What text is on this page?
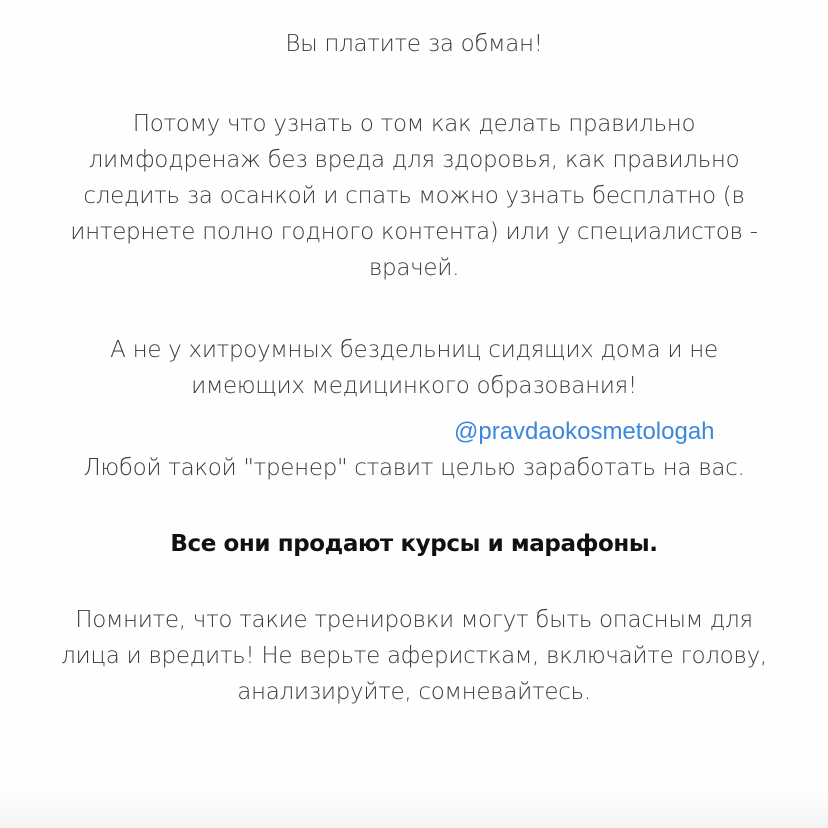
Вы платите за обман!

Потому что узнать о том как делать правильно лимфодренаж без вреда для здоровья, как правильно следить за осанкой и спать можно узнать бесплатно (в интернете полно годного контента) или у специалистов - врачей.

А не у хитроумных бездельниц сидящих дома и не имеющих медицинкого образования!

@pravdaokosmetologah

Любой такой "тренер" ставит целью заработать на вас.

Все они продают курсы и марафоны.

Помните, что такие тренировки могут быть опасным для лица и вредить! Не верьте аферисткам, включайте голову, анализируйте, сомневайтесь.
